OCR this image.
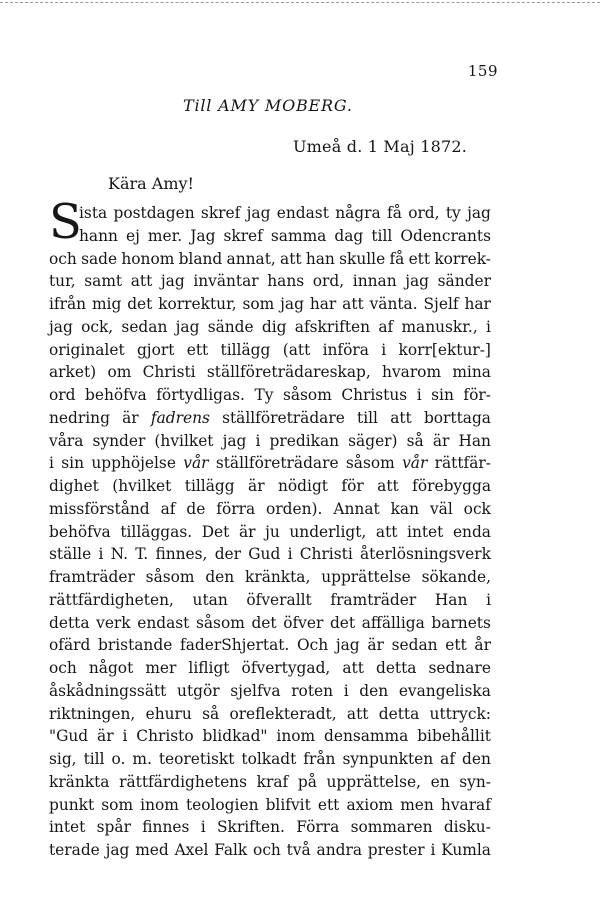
159
Till AMY MOBERG.
Umeå d. 1 Maj 1872.
Kära Amy!
S
ista postdagen skref jag endast några få ord, ty jag
hann ej mer. Jag skref samma dag till Odencrants
och sade honom bland annat, att han skulle få ett korrek-
tur, samt att jag inväntar hans ord, innan jag sänder
ifrån mig det korrektur, som jag har att vänta. Sjelf har
jag ock, sedan jag sände dig afskriften af manuskr., i
originalet gjort ett tillägg (att införa i korr[ektur-]
arket) om Christi ställföreträdareskap, hvarom mina
ord behöfva förtydligas. Ty såsom Christus i sin för-
nedring är fadrens ställföreträdare till att borttaga
våra synder (hvilket jag i predikan säger) så är Han
i sin upphöjelse vår ställföreträdare såsom vår rättfär-
dighet (hvilket tillägg är nödigt för att förebygga
missförstånd af de förra orden). Annat kan väl ock
behöfva tilläggas. Det är ju underligt, att intet enda
ställe i N. T. finnes, der Gud i Christi återlösningsverk
framträder såsom den kränkta, upprättelse sökande,
rättfärdigheten, utan öfverallt framträder Han i
detta verk endast såsom det öfver det affälliga barnets
ofärd bristande faderShjertat. Och jag är sedan ett år
och något mer lifligt öfvertygad, att detta sednare
åskådningssätt utgör sjelfva roten i den evangeliska
riktningen, ehuru så oreflekteradt, att detta uttryck:
"Gud är i Christo blidkad" inom densamma bibehållit
sig, till o. m. teoretiskt tolkadt från synpunkten af den
kränkta rättfärdighetens kraf på upprättelse, en syn-
punkt som inom teologien blifvit ett axiom men hvaraf
intet spår finnes i Skriften. Förra sommaren disku-
terade jag med Axel Falk och två andra prester i Kumla
